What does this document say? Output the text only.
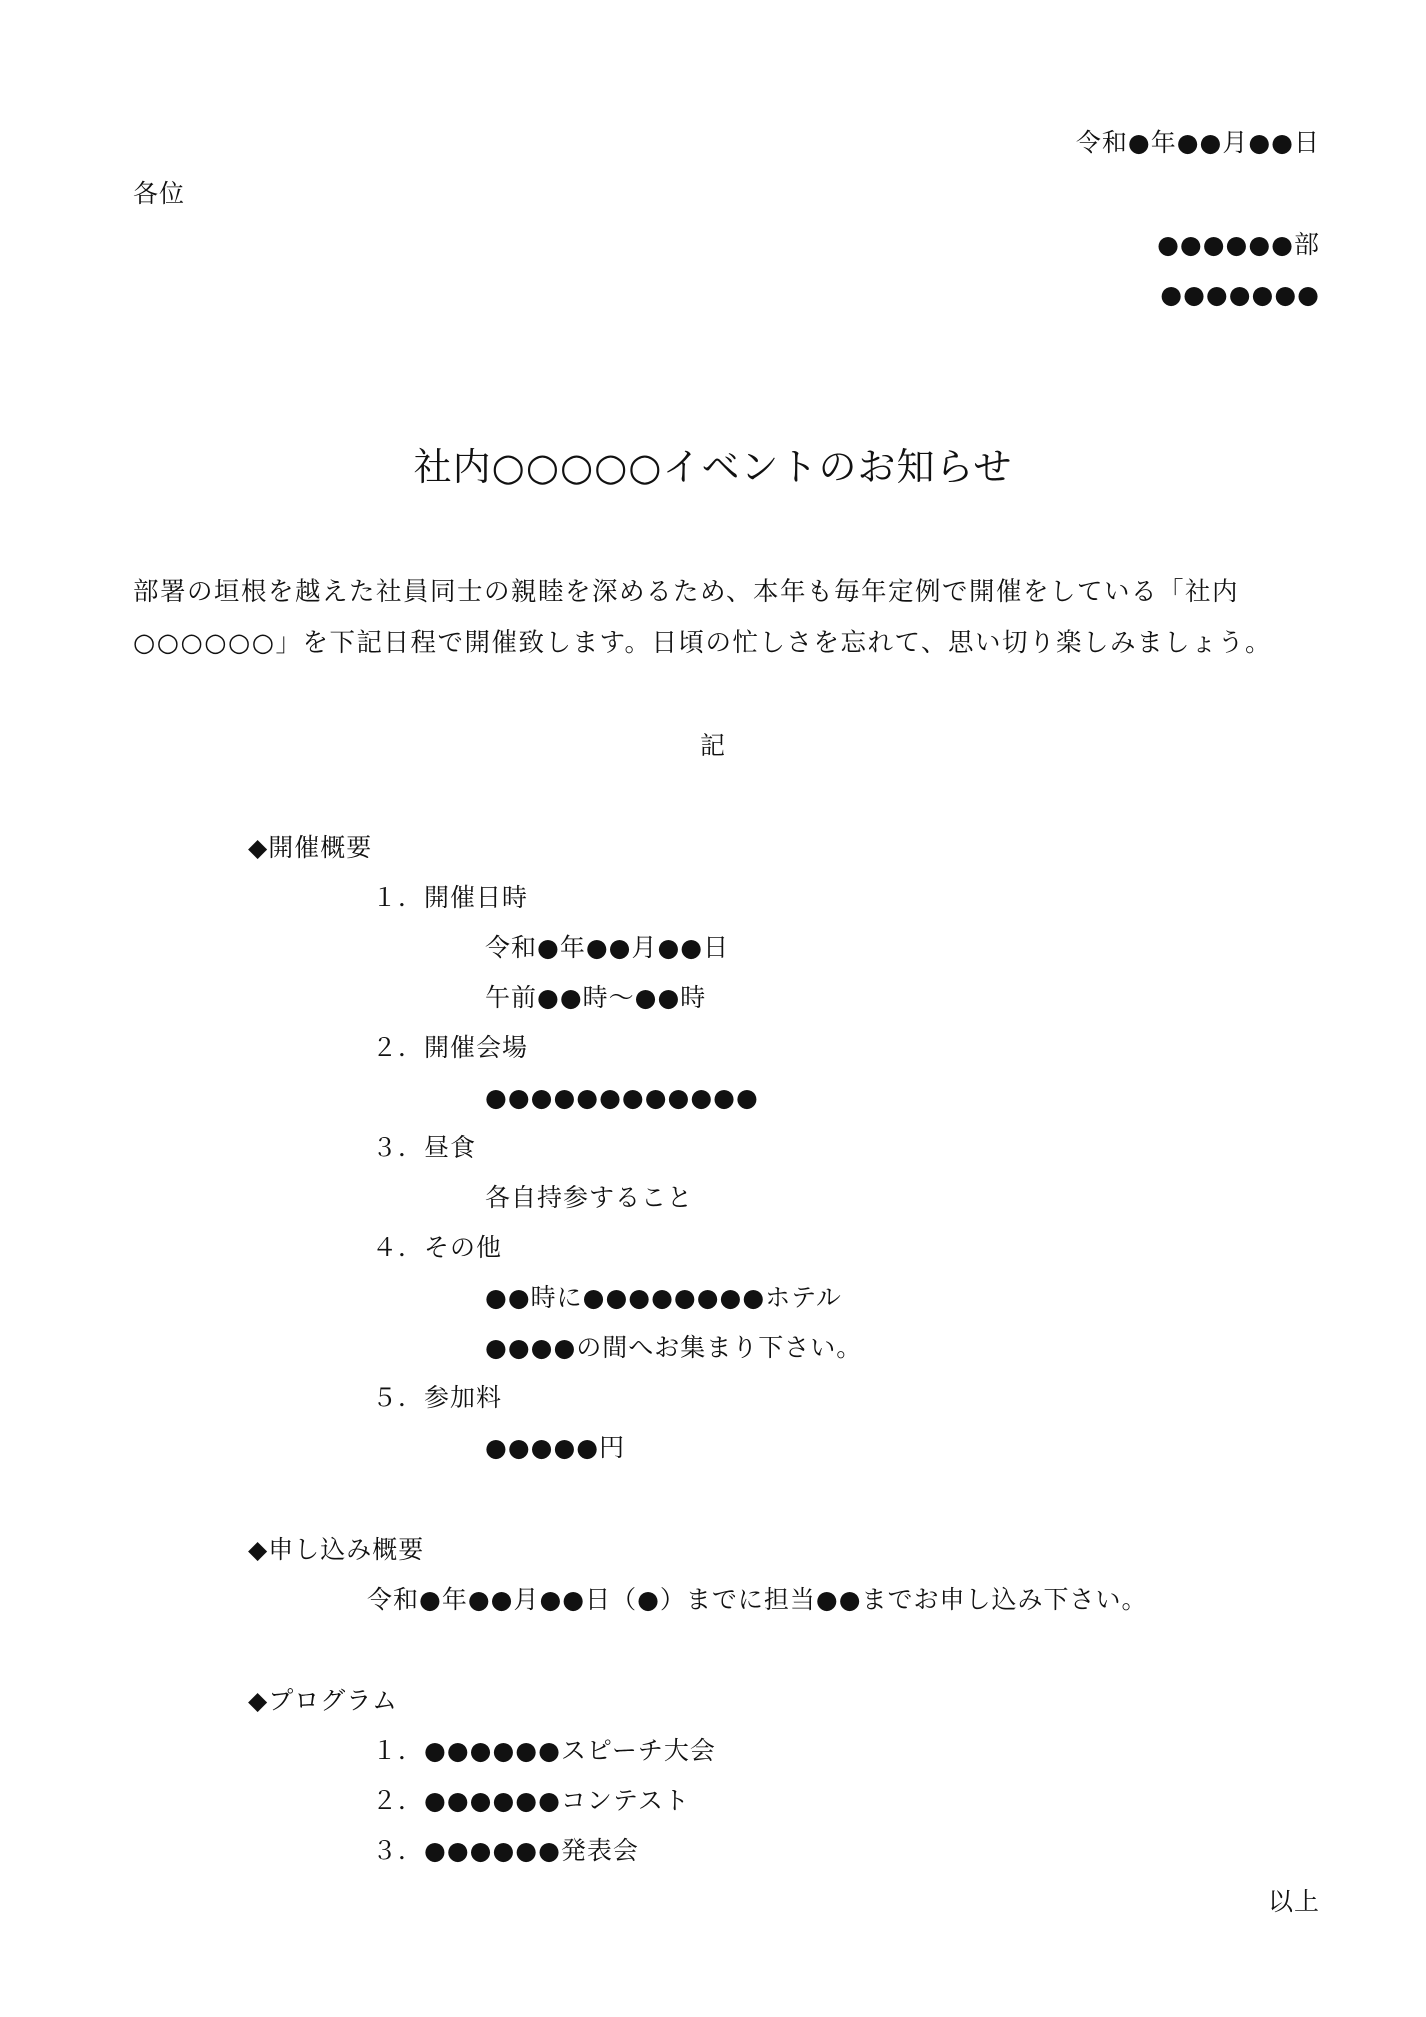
令和●年●●月●●日
各位
●●●●●●部
●●●●●●●
社内○○○○○イベントのお知らせ
部署の垣根を越えた社員同士の親睦を深めるため、本年も毎年定例で開催をしている「社内
○○○○○○」を下記日程で開催致します。日頃の忙しさを忘れて、思い切り楽しみましょう。
記
◆開催概要
１．開催日時
令和●年●●月●●日
午前●●時～●●時
２．開催会場
●●●●●●●●●●●●
３．昼食
各自持参すること
４．その他
●●時に●●●●●●●●ホテル
●●●●の間へお集まり下さい。
５．参加料
●●●●●円
◆申し込み概要
令和●年●●月●●日（●）までに担当●●までお申し込み下さい。
◆プログラム
１．●●●●●●スピーチ大会
２．●●●●●●コンテスト
３．●●●●●●発表会
以上
